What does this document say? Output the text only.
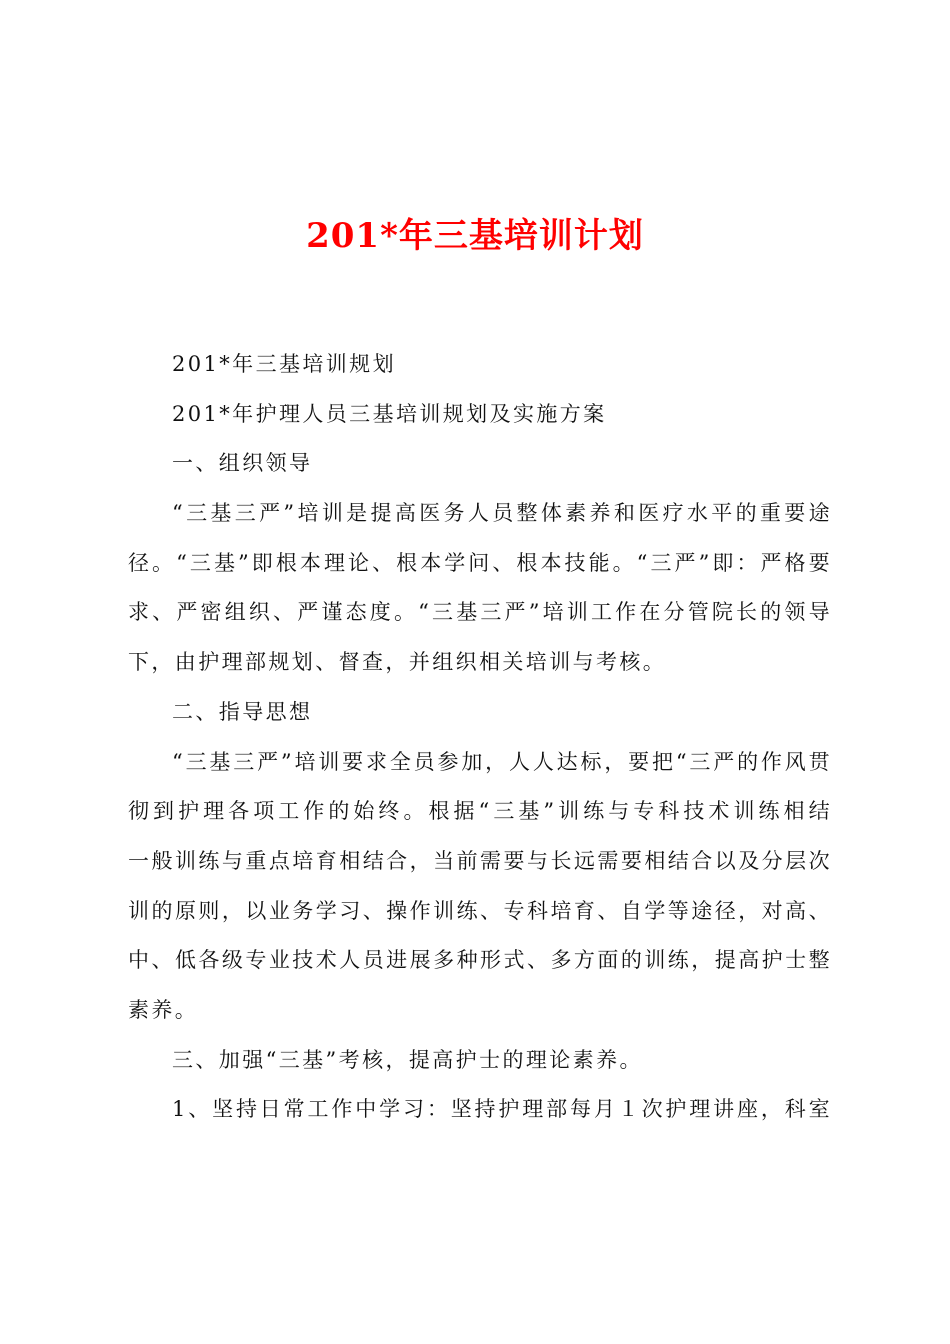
201*年三基培训计划
201*年三基培训规划
201*年护理人员三基培训规划及实施方案
一、组织领导
“三基三严”培训是提高医务人员整体素养和医疗水平的重要途
径。“三基”即根本理论、根本学问、根本技能。“三严”即：严格要
求、严密组织、严谨态度。“三基三严”培训工作在分管院长的领导
下，由护理部规划、督查，并组织相关培训与考核。
二、指导思想
“三基三严”培训要求全员参加，人人达标，要把“三严的作风贯
彻到护理各项工作的始终。根据“三基”训练与专科技术训练相结
一般训练与重点培育相结合，当前需要与长远需要相结合以及分层次
训的原则，以业务学习、操作训练、专科培育、自学等途径，对高、
中、低各级专业技术人员进展多种形式、多方面的训练，提高护士整
素养。
三、加强“三基”考核，提高护士的理论素养。
1、坚持日常工作中学习：坚持护理部每月１次护理讲座，科室
